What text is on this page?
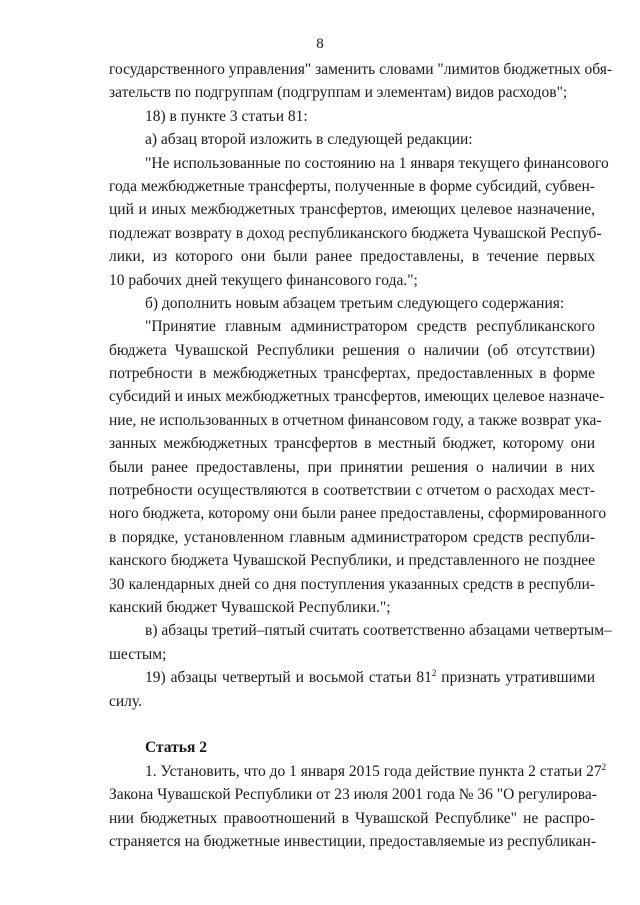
8
государственного управления" заменить словами "лимитов бюджетных обя-
зательств по подгруппам (подгруппам и элементам) видов расходов";
18) в пункте 3 статьи 81:
а) абзац второй изложить в следующей редакции:
"Не использованные по состоянию на 1 января текущего финансового
года межбюджетные трансферты, полученные в форме субсидий, субвен-
ций и иных межбюджетных трансфертов, имеющих целевое назначение,
подлежат возврату в доход республиканского бюджета Чувашской Респуб-
лики, из которого они были ранее предоставлены, в течение первых
10 рабочих дней текущего финансового года.";
б) дополнить новым абзацем третьим следующего содержания:
"Принятие главным администратором средств республиканского
бюджета Чувашской Республики решения о наличии (об отсутствии)
потребности в межбюджетных трансфертах, предоставленных в форме
субсидий и иных межбюджетных трансфертов, имеющих целевое назначе-
ние, не использованных в отчетном финансовом году, а также возврат ука-
занных межбюджетных трансфертов в местный бюджет, которому они
были ранее предоставлены, при принятии решения о наличии в них
потребности осуществляются в соответствии с отчетом о расходах мест-
ного бюджета, которому они были ранее предоставлены, сформированного
в порядке, установленном главным администратором средств республи-
канского бюджета Чувашской Республики, и представленного не позднее
30 календарных дней со дня поступления указанных средств в республи-
канский бюджет Чувашской Республики.";
в) абзацы третий–пятый считать соответственно абзацами четвертым–
шестым;
19) абзацы четвертый и восьмой статьи $81^2$ признать утратившими
силу.
Статья 2
1. Установить, что до 1 января 2015 года действие пункта 2 статьи $27^2$
Закона Чувашской Республики от 23 июля 2001 года № 36 "О регулирова-
нии бюджетных правоотношений в Чувашской Республике" не распро-
страняется на бюджетные инвестиции, предоставляемые из республикан-
